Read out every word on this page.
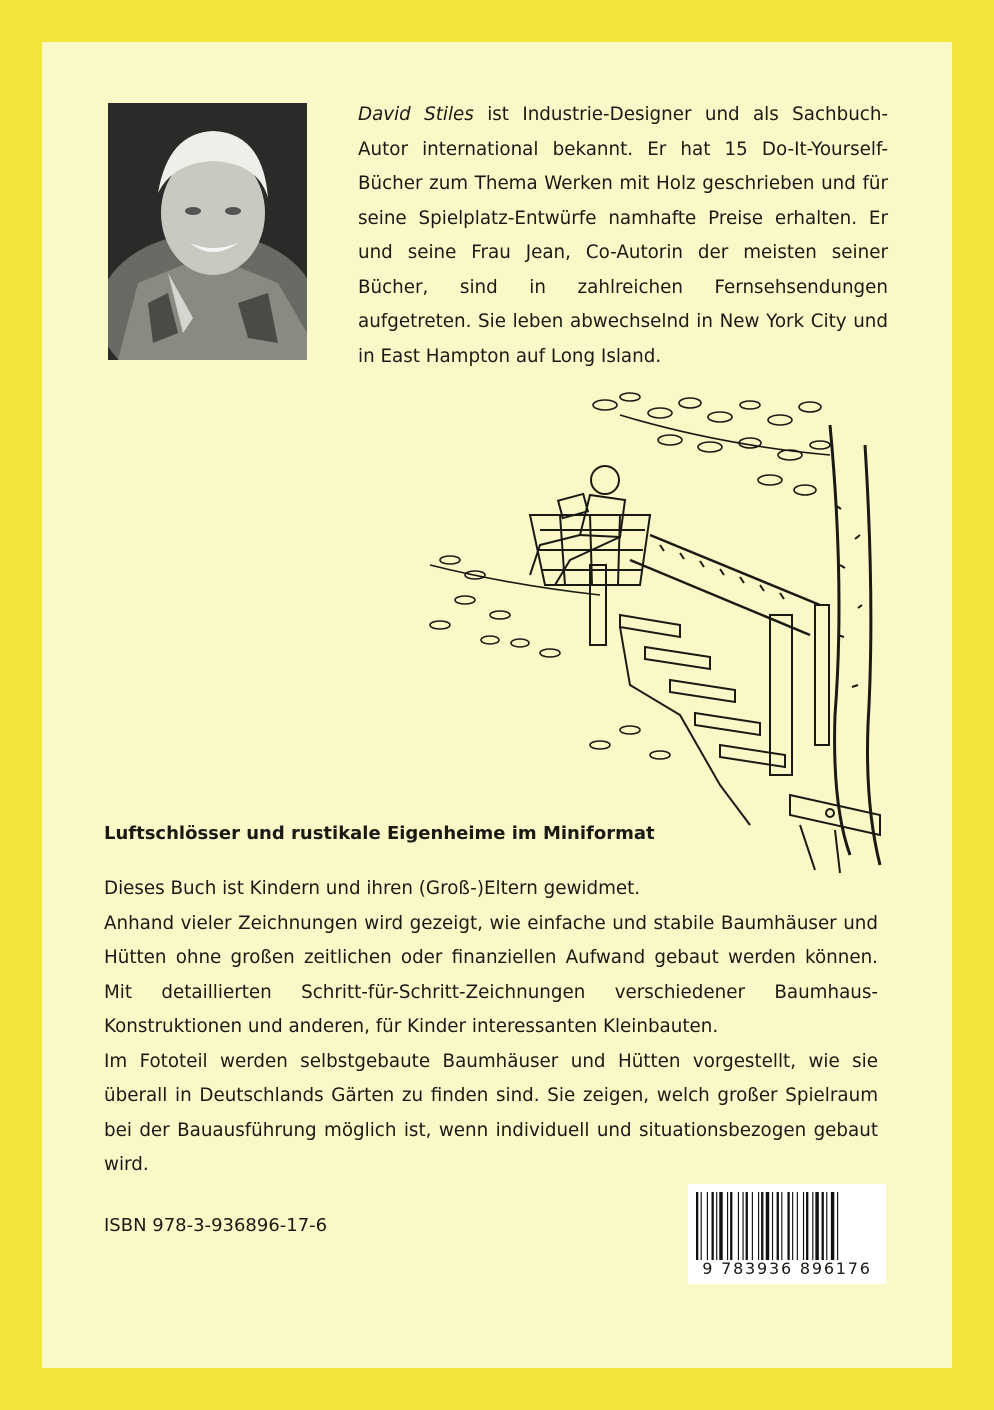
David Stiles ist Industrie-Designer und als Sachbuch-Autor international bekannt. Er hat 15 Do-It-Yourself-Bücher zum Thema Werken mit Holz geschrieben und für seine Spielplatz-Entwürfe namhafte Preise erhalten. Er und seine Frau Jean, Co-Autorin der meisten seiner Bücher, sind in zahlreichen Fernsehsendungen aufgetreten. Sie leben abwechselnd in New York City und in East Hampton auf Long Island.
Luftschlösser und rustikale Eigenheime im Miniformat

Dieses Buch ist Kindern und ihren (Groß-)Eltern gewidmet.

Anhand vieler Zeichnungen wird gezeigt, wie einfache und stabile Baumhäuser und Hütten ohne großen zeitlichen oder finanziellen Aufwand gebaut werden können. Mit detaillierten Schritt-für-Schritt-Zeichnungen verschiedener Baumhaus-Konstruktionen und anderen, für Kinder interessanten Kleinbauten.

Im Fototeil werden selbstgebaute Baumhäuser und Hütten vorgestellt, wie sie überall in Deutschlands Gärten zu finden sind. Sie zeigen, welch großer Spielraum bei der Bauausführung möglich ist, wenn individuell und situationsbezogen gebaut wird.

ISBN 978-3-936896-17-6
9 783936 896176
